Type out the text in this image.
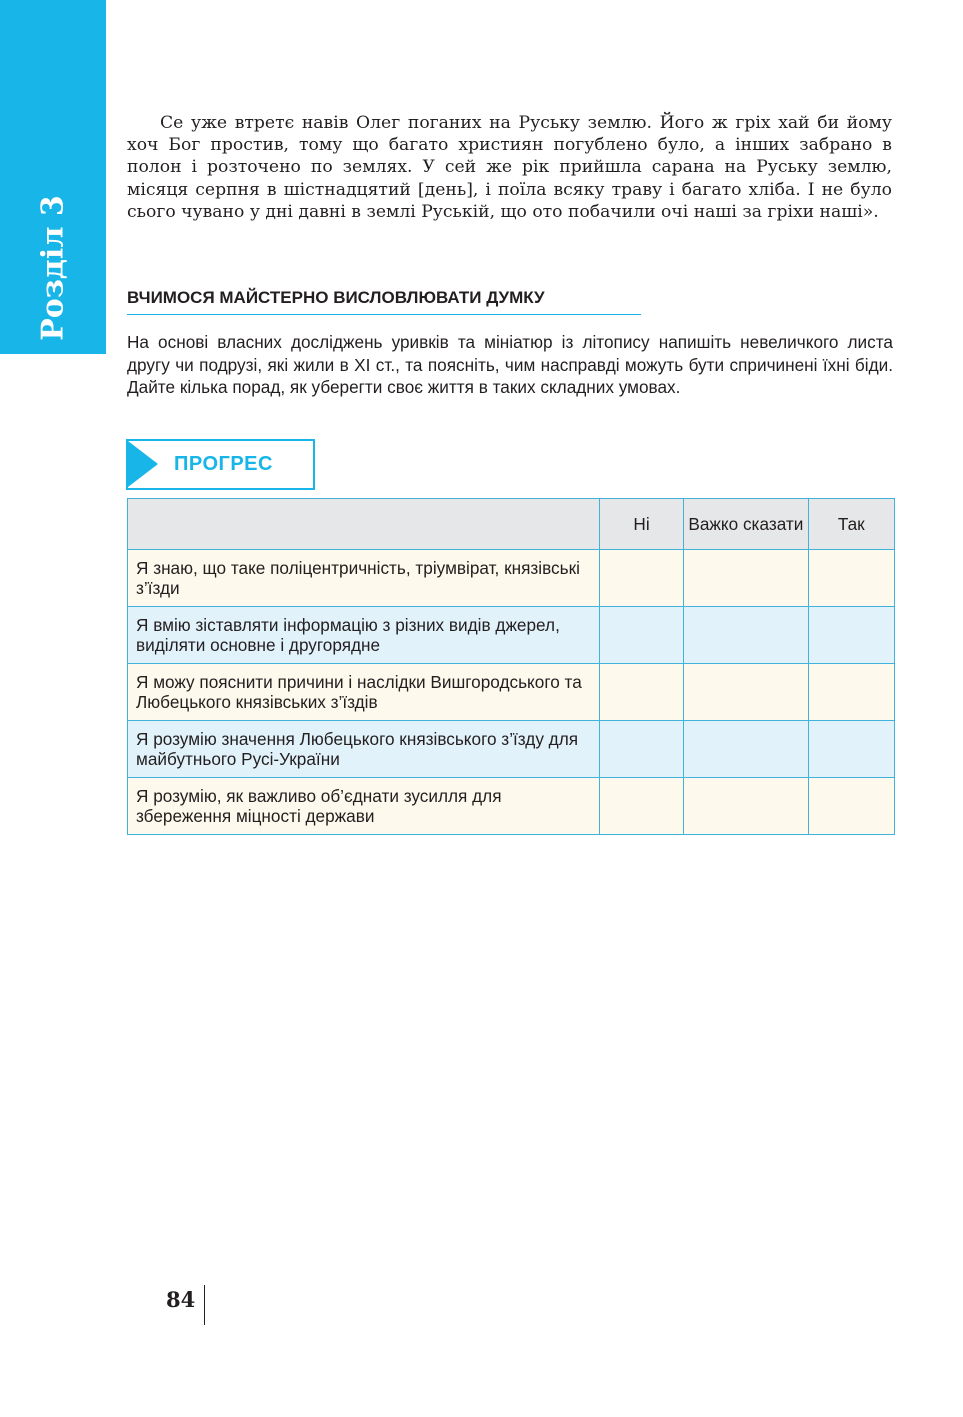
Розділ 3

Се уже втретє навів Олег поганих на Руську землю. Його ж гріх хай би йому хоч Бог простив, тому що багато християн погублено було, а інших забрано в полон і розточено по землях. У сей же рік прийшла сарана на Руську землю, місяця серпня в шістнадцятий [день], і поїла всяку траву і багато хліба. І не було сього чувано у дні давні в землі Руській, що ото побачили очі наші за гріхи наші».

ВЧИМОСЯ МАЙСТЕРНО ВИСЛОВЛЮВАТИ ДУМКУ

На основі власних досліджень уривків та мініатюр із літопису напишіть невеличкого листа другу чи подрузі, які жили в XI ст., та поясніть, чим насправді можуть бути спричинені їхні біди. Дайте кілька порад, як уберегти своє життя в таких складних умовах.

ПРОГРЕС
	Ні	Важко сказати	Так
Я знаю, що таке поліцентричність, тріумвірат, князівські з’їзди			
Я вмію зіставляти інформацію з різних видів джерел, виділяти основне і другорядне			
Я можу пояснити причини і наслідки Вишгородського та Любецького князівських з’їздів			
Я розумію значення Любецького князівського з’їзду для майбутнього Русі-України			
Я розумію, як важливо об’єднати зусилля для збереження міцності держави			
84
